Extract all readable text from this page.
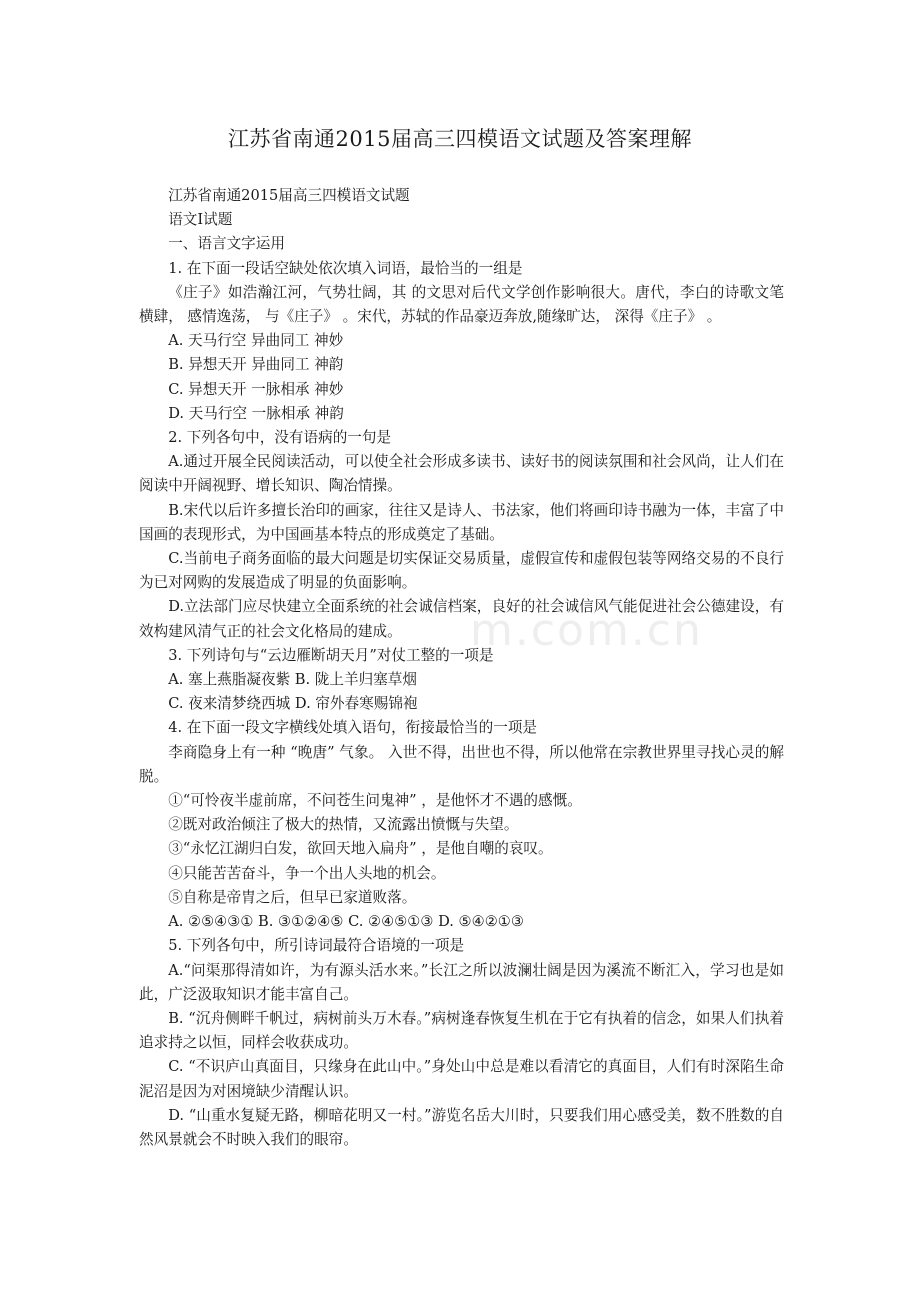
江苏省南通2015届高三四模语文试题及答案理解
m.com.cn

江苏省南通2015届高三四模语文试题

语文Ⅰ试题

一、语言文字运用

1. 在下面一段话空缺处依次填入词语，最恰当的一组是

《庄子》如浩瀚江河，气势壮阔，其 的文思对后代文学创作影响很大。唐代，李白的诗歌文笔横肆， 感情逸荡， 与《庄子》 。宋代，苏轼的作品豪迈奔放,随缘旷达， 深得《庄子》 。

A. 天马行空 异曲同工 神妙

B. 异想天开 异曲同工 神韵

C. 异想天开 一脉相承 神妙

D. 天马行空 一脉相承 神韵

2. 下列各句中，没有语病的一句是

A.通过开展全民阅读活动，可以使全社会形成多读书、读好书的阅读氛围和社会风尚，让人们在阅读中开阔视野、增长知识、陶冶情操。

B.宋代以后许多擅长治印的画家，往往又是诗人、书法家，他们将画印诗书融为一体，丰富了中国画的表现形式，为中国画基本特点的形成奠定了基础。

C.当前电子商务面临的最大问题是切实保证交易质量，虚假宣传和虚假包装等网络交易的不良行为已对网购的发展造成了明显的负面影响。

D.立法部门应尽快建立全面系统的社会诚信档案，良好的社会诚信风气能促进社会公德建设，有效构建风清气正的社会文化格局的建成。

3. 下列诗句与“云边雁断胡天月”对仗工整的一项是

A. 塞上燕脂凝夜紫 B. 陇上羊归塞草烟

C. 夜来清梦绕西城 D. 帘外春寒赐锦袍

4. 在下面一段文字横线处填入语句，衔接最恰当的一项是

李商隐身上有一种 “晚唐” 气象。 入世不得，出世也不得，所以他常在宗教世界里寻找心灵的解脱。

①“可怜夜半虚前席，不问苍生问鬼神” ，是他怀才不遇的感慨。

②既对政治倾注了极大的热情，又流露出愤慨与失望。

③“永忆江湖归白发，欲回天地入扁舟” ，是他自嘲的哀叹。

④只能苦苦奋斗，争一个出人头地的机会。

⑤自称是帝胄之后，但早已家道败落。

A. ②⑤④③① B. ③①②④⑤ C. ②④⑤①③ D. ⑤④②①③

5. 下列各句中，所引诗词最符合语境的一项是

A.“问渠那得清如许，为有源头活水来。”长江之所以波澜壮阔是因为溪流不断汇入，学习也是如此，广泛汲取知识才能丰富自己。

B. “沉舟侧畔千帆过，病树前头万木春。”病树逢春恢复生机在于它有执着的信念，如果人们执着追求持之以恒，同样会收获成功。

C. “不识庐山真面目，只缘身在此山中。”身处山中总是难以看清它的真面目，人们有时深陷生命泥沼是因为对困境缺少清醒认识。

D. “山重水复疑无路，柳暗花明又一村。”游览名岳大川时，只要我们用心感受美，数不胜数的自然风景就会不时映入我们的眼帘。
